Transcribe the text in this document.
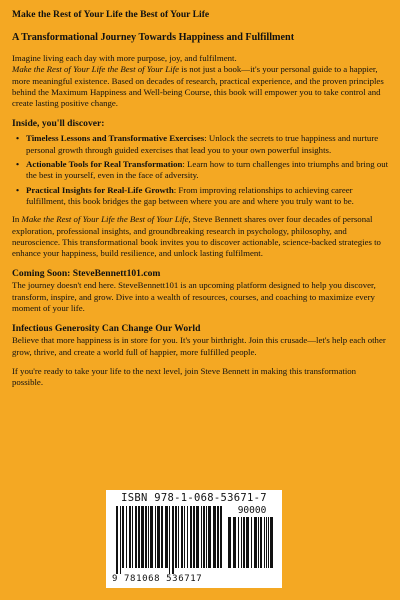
Make the Rest of Your Life the Best of Your Life
A Transformational Journey Towards Happiness and Fulfillment

Imagine living each day with more purpose, joy, and fulfilment.

Make the Rest of Your Life the Best of Your Life is not just a book—it's your personal guide to a happier, more meaningful existence. Based on decades of research, practical experience, and the proven principles behind the Maximum Happiness and Well-being Course, this book will empower you to take control and create lasting positive change.

Inside, you'll discover:
• Timeless Lessons and Transformative Exercises: Unlock the secrets to true happiness and nurture personal growth through guided exercises that lead you to your own powerful insights.
• Actionable Tools for Real Transformation: Learn how to turn challenges into triumphs and bring out the best in yourself, even in the face of adversity.
• Practical Insights for Real-Life Growth: From improving relationships to achieving career fulfillment, this book bridges the gap between where you are and where you truly want to be.

In Make the Rest of Your Life the Best of Your Life, Steve Bennett shares over four decades of personal exploration, professional insights, and groundbreaking research in psychology, philosophy, and neuroscience. This transformational book invites you to discover actionable, science-backed strategies to enhance your happiness, build resilience, and unlock lasting fulfilment.

Coming Soon: SteveBennett101.com

The journey doesn't end here. SteveBennett101 is an upcoming platform designed to help you discover, transform, inspire, and grow. Dive into a wealth of resources, courses, and coaching to maximize every moment of your life.

Infectious Generosity Can Change Our World

Believe that more happiness is in store for you. It's your birthright. Join this crusade—let's help each other grow, thrive, and create a world full of happier, more fulfilled people.

If you're ready to take your life to the next level, join Steve Bennett in making this transformation possible.

ISBN 978-1-068-53671-7
90000
9 781068 536717
